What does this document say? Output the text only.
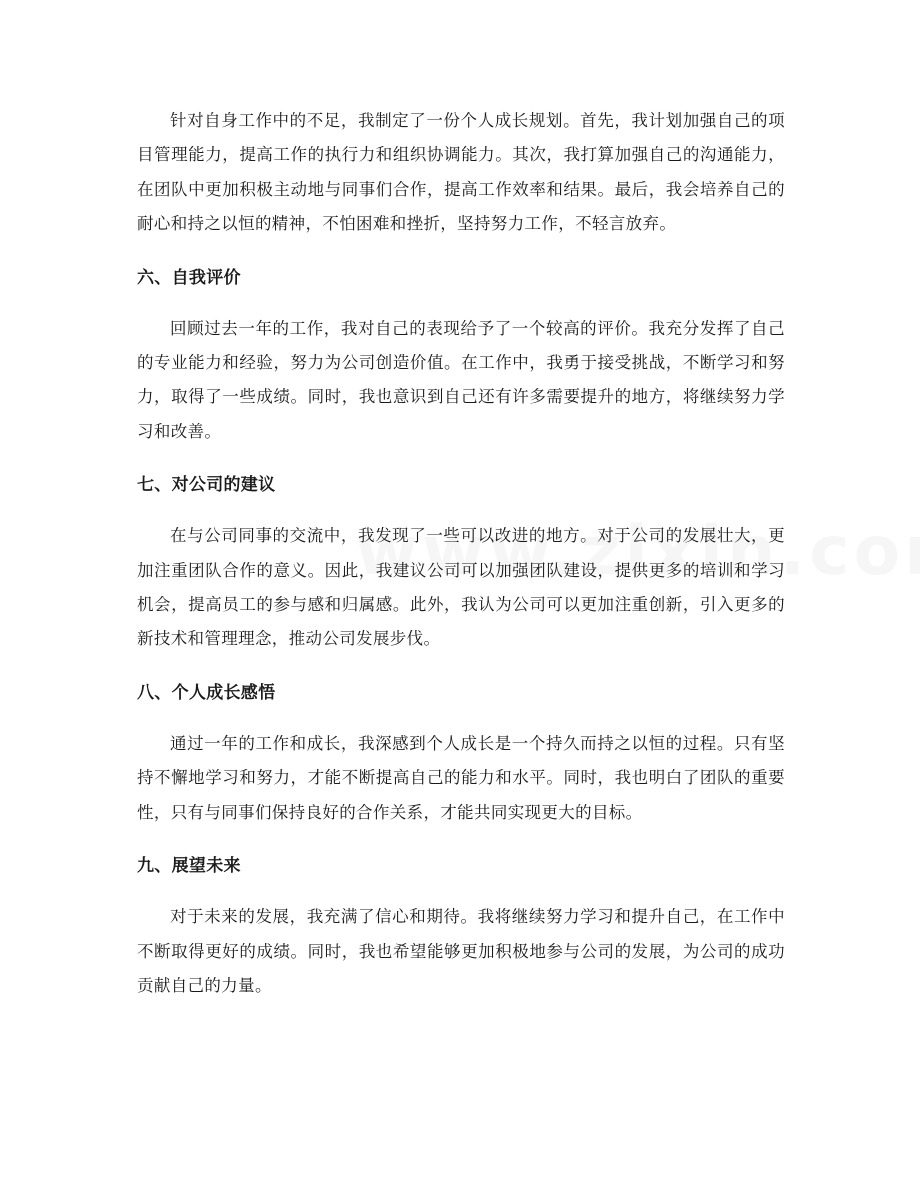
针对自身工作中的不足，我制定了一份个人成长规划。首先，我计划加强自己的项目管理能力，提高工作的执行力和组织协调能力。其次，我打算加强自己的沟通能力，在团队中更加积极主动地与同事们合作，提高工作效率和结果。最后，我会培养自己的耐心和持之以恒的精神，不怕困难和挫折，坚持努力工作，不轻言放弃。

六、自我评价

回顾过去一年的工作，我对自己的表现给予了一个较高的评价。我充分发挥了自己的专业能力和经验，努力为公司创造价值。在工作中，我勇于接受挑战，不断学习和努力，取得了一些成绩。同时，我也意识到自己还有许多需要提升的地方，将继续努力学习和改善。

七、对公司的建议

在与公司同事的交流中，我发现了一些可以改进的地方。对于公司的发展壮大，更加注重团队合作的意义。因此，我建议公司可以加强团队建设，提供更多的培训和学习机会，提高员工的参与感和归属感。此外，我认为公司可以更加注重创新，引入更多的新技术和管理理念，推动公司发展步伐。

八、个人成长感悟

通过一年的工作和成长，我深感到个人成长是一个持久而持之以恒的过程。只有坚持不懈地学习和努力，才能不断提高自己的能力和水平。同时，我也明白了团队的重要性，只有与同事们保持良好的合作关系，才能共同实现更大的目标。

九、展望未来

对于未来的发展，我充满了信心和期待。我将继续努力学习和提升自己，在工作中不断取得更好的成绩。同时，我也希望能够更加积极地参与公司的发展，为公司的成功贡献自己的力量。
